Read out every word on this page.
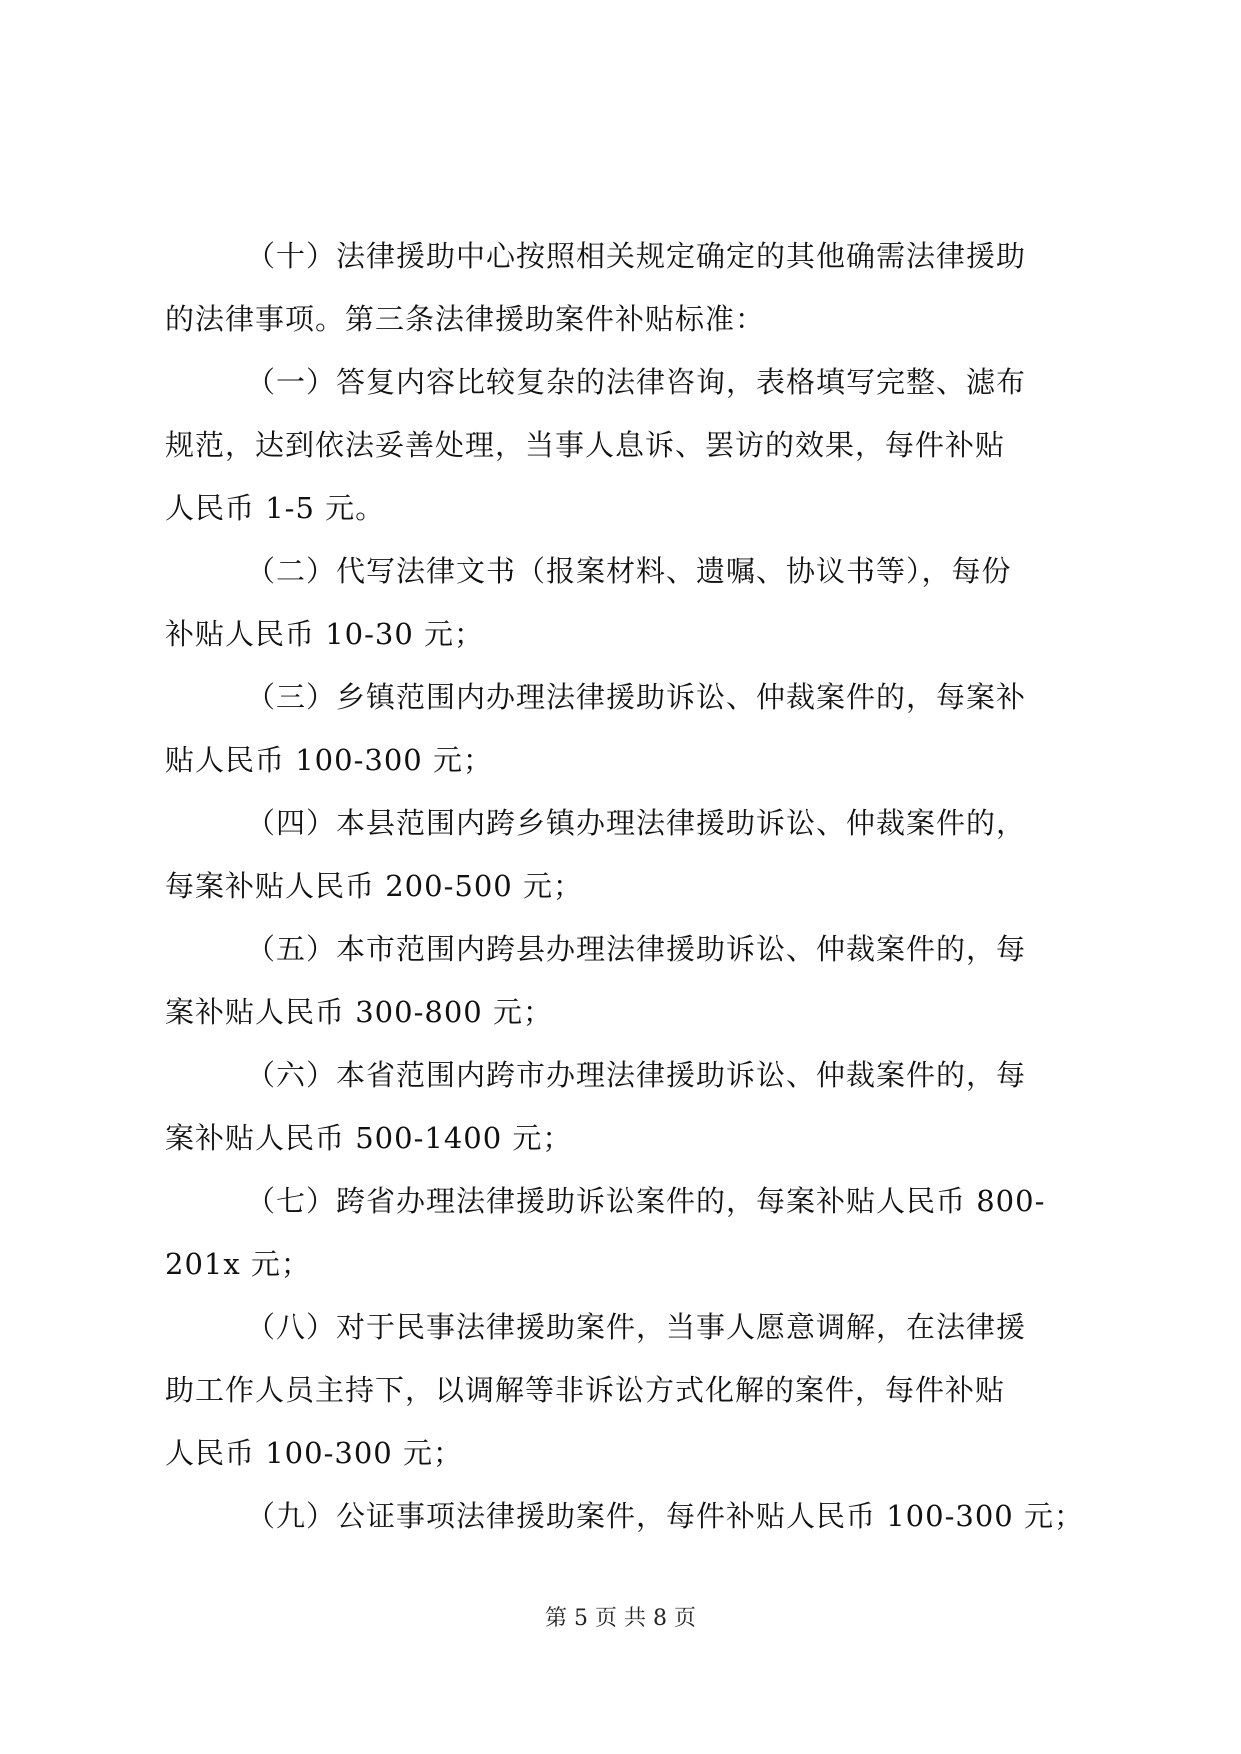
（十）法律援助中心按照相关规定确定的其他确需法律援助
的法律事项。第三条法律援助案件补贴标准：
（一）答复内容比较复杂的法律咨询，表格填写完整、滤布
规范，达到依法妥善处理，当事人息诉、罢访的效果，每件补贴
人民币 1-5 元。
（二）代写法律文书（报案材料、遗嘱、协议书等），每份
补贴人民币 10-30 元；
（三）乡镇范围内办理法律援助诉讼、仲裁案件的，每案补
贴人民币 100-300 元；
（四）本县范围内跨乡镇办理法律援助诉讼、仲裁案件的，
每案补贴人民币 200-500 元；
（五）本市范围内跨县办理法律援助诉讼、仲裁案件的，每
案补贴人民币 300-800 元；
（六）本省范围内跨市办理法律援助诉讼、仲裁案件的，每
案补贴人民币 500-1400 元；
（七）跨省办理法律援助诉讼案件的，每案补贴人民币 800-
201x 元；
（八）对于民事法律援助案件，当事人愿意调解，在法律援
助工作人员主持下，以调解等非诉讼方式化解的案件，每件补贴
人民币 100-300 元；
（九）公证事项法律援助案件，每件补贴人民币 100-300 元；
第 5 页 共 8 页
